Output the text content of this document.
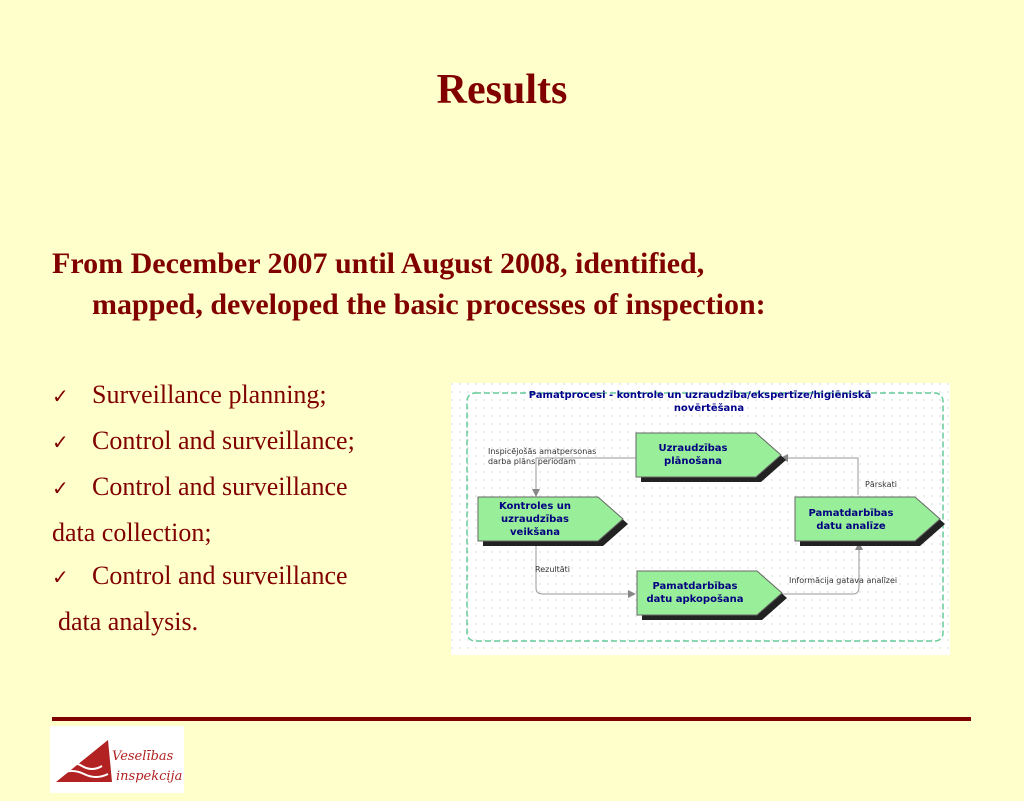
Results
From December 2007 until August 2008, identified,
mapped, developed the basic processes of inspection:
✓ Surveillance planning;
✓ Control and surveillance;
✓ Control and surveillance
data collection;
✓ Control and surveillance
data analysis.
Pamatprocesi - kontrole un uzraudzība/ekspertīze/higiēniskā
novērtēšana
Uzraudzības
plānošana
Kontroles un
uzraudzības
veikšana
Pamatdarbības
datu analīze
Pamatdarbības
datu apkopošana
Inspicējošās amatpersonas
darba plāns periodam
Pārskati
Rezultāti
Informācija gatava analīzei
Veselības
inspekcija
